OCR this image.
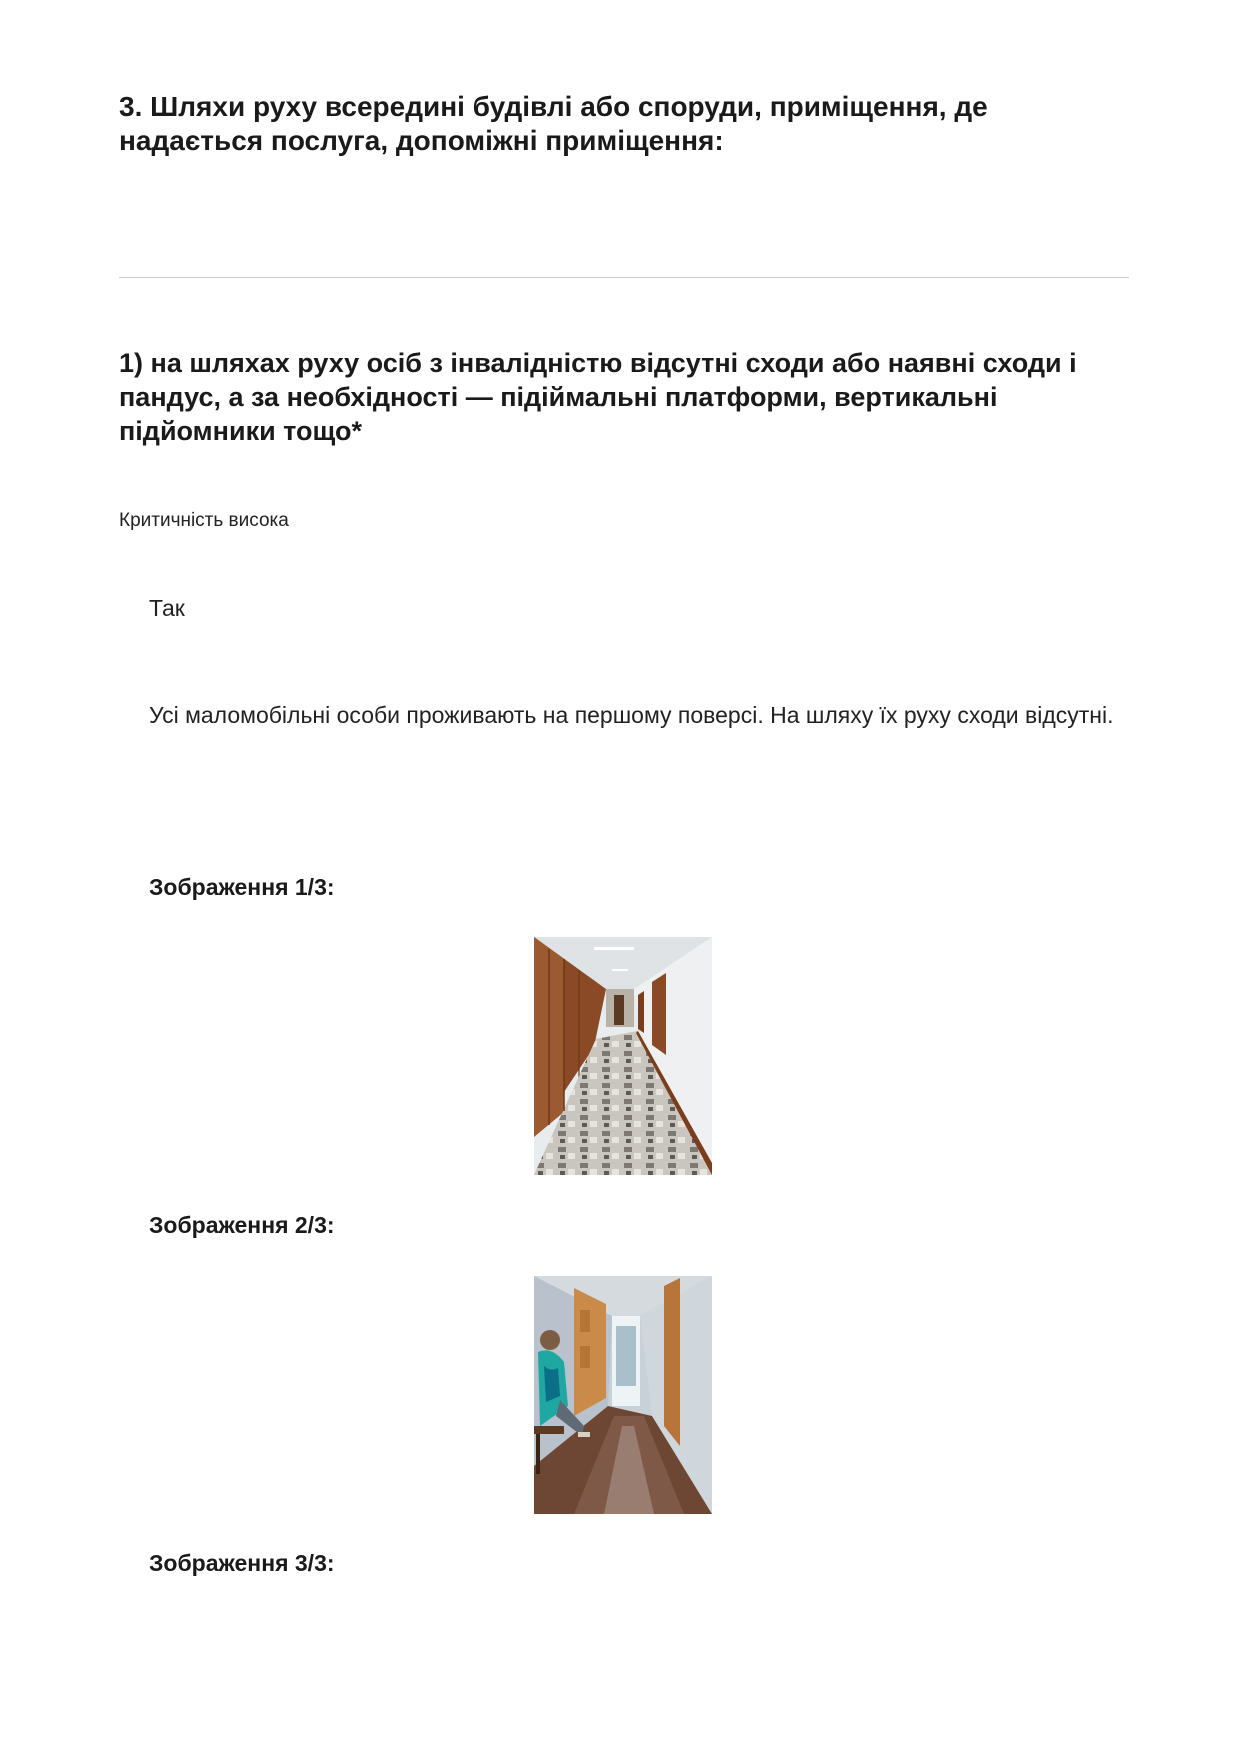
3. Шляхи руху всередині будівлі або споруди, приміщення, де надається послуга, допоміжні приміщення:
1) на шляхах руху осіб з інвалідністю відсутні сходи або наявні сходи і пандус, а за необхідності — підіймальні платформи, вертикальні підйомники тощо*
Критичність висока
Так
Усі маломобільні особи проживають на першому поверсі. На шляху їх руху сходи відсутні.
Зображення 1/3:
Зображення 2/3:
Зображення 3/3:
